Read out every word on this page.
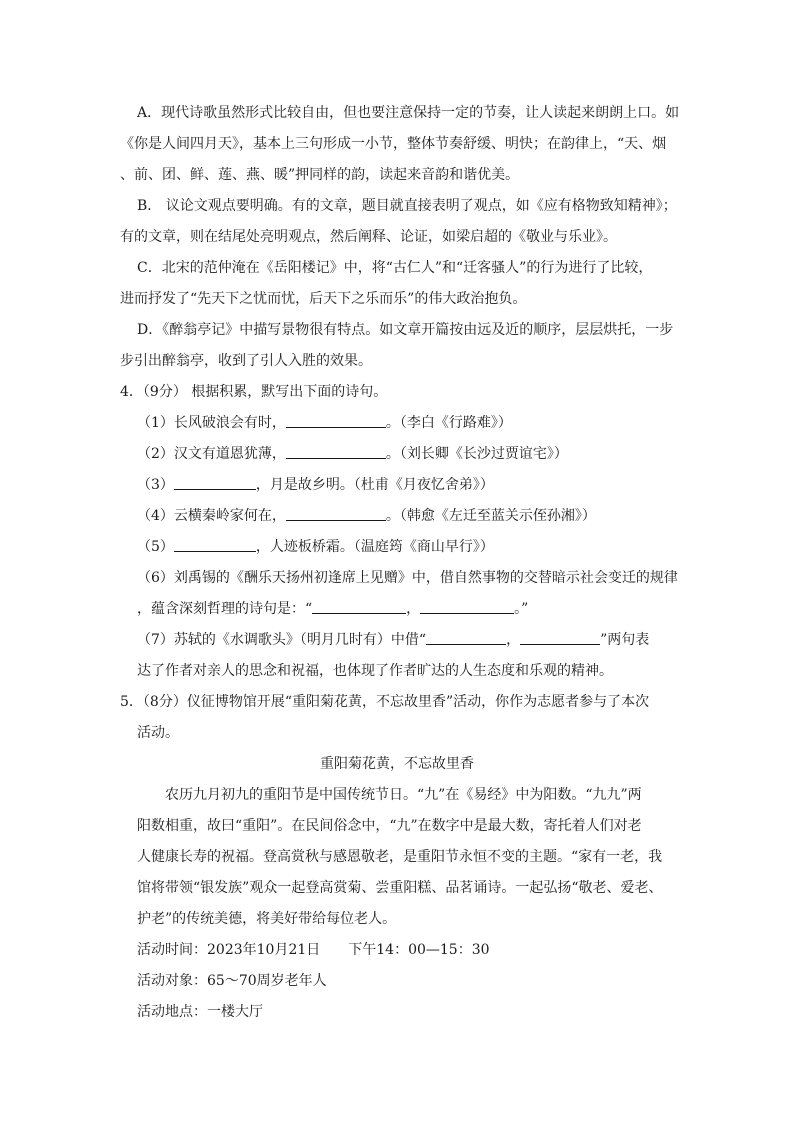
A．现代诗歌虽然形式比较自由，但也要注意保持一定的节奏，让人读起来朗朗上口。如
《你是人间四月天》，基本上三句形成一小节，整体节奏舒缓、明快；在韵律上，“天、烟
、前、团、鲜、莲、燕、暖”押同样的韵，读起来音韵和谐优美。
B． 议论文观点要明确。有的文章，题目就直接表明了观点，如《应有格物致知精神》；
有的文章，则在结尾处亮明观点，然后阐释、论证，如梁启超的《敬业与乐业》。
C．北宋的范仲淹在《岳阳楼记》中，将“古仁人”和“迁客骚人”的行为进行了比较，
进而抒发了“先天下之忧而忧，后天下之乐而乐”的伟大政治抱负。
D．《醉翁亭记》中描写景物很有特点。如文章开篇按由远及近的顺序，层层烘托，一步
步引出醉翁亭，收到了引人入胜的效果。
4．（9分） 根据积累，默写出下面的诗句。
（1）长风破浪会有时，	。（李白《行路难》）
（2）汉文有道恩犹薄，	。（刘长卿《长沙过贾谊宅》）
（3）	，月是故乡明。（杜甫《月夜忆舍弟》）
（4）云横秦岭家何在，	。（韩愈《左迁至蓝关示侄孙湘》）
（5）	，人迹板桥霜。（温庭筠《商山早行》）
（6）刘禹锡的《酬乐天扬州初逢席上见赠》中，借自然事物的交替暗示社会变迁的规律
，蕴含深刻哲理的诗句是：“	，	。”
（7）苏轼的《水调歌头》（明月几时有）中借“	，	”两句表
达了作者对亲人的思念和祝福，也体现了作者旷达的人生态度和乐观的精神。
5．（8分）仪征博物馆开展“重阳菊花黄，不忘故里香”活动，你作为志愿者参与了本次
活动。
重阳菊花黄，不忘故里香
农历九月初九的重阳节是中国传统节日。“九”在《易经》中为阳数。“九九”两
阳数相重，故曰“重阳”。在民间俗念中，“九”在数字中是最大数，寄托着人们对老
人健康长寿的祝福。登高赏秋与感恩敬老，是重阳节永恒不变的主题。“家有一老，我
馆将带领“银发族”观众一起登高赏菊、尝重阳糕、品茗诵诗。一起弘扬“敬老、爱老、
护老”的传统美德，将美好带给每位老人。
活动时间：2023年10月21日　　下午14：00—15：30
活动对象：65～70周岁老年人
活动地点：一楼大厅
